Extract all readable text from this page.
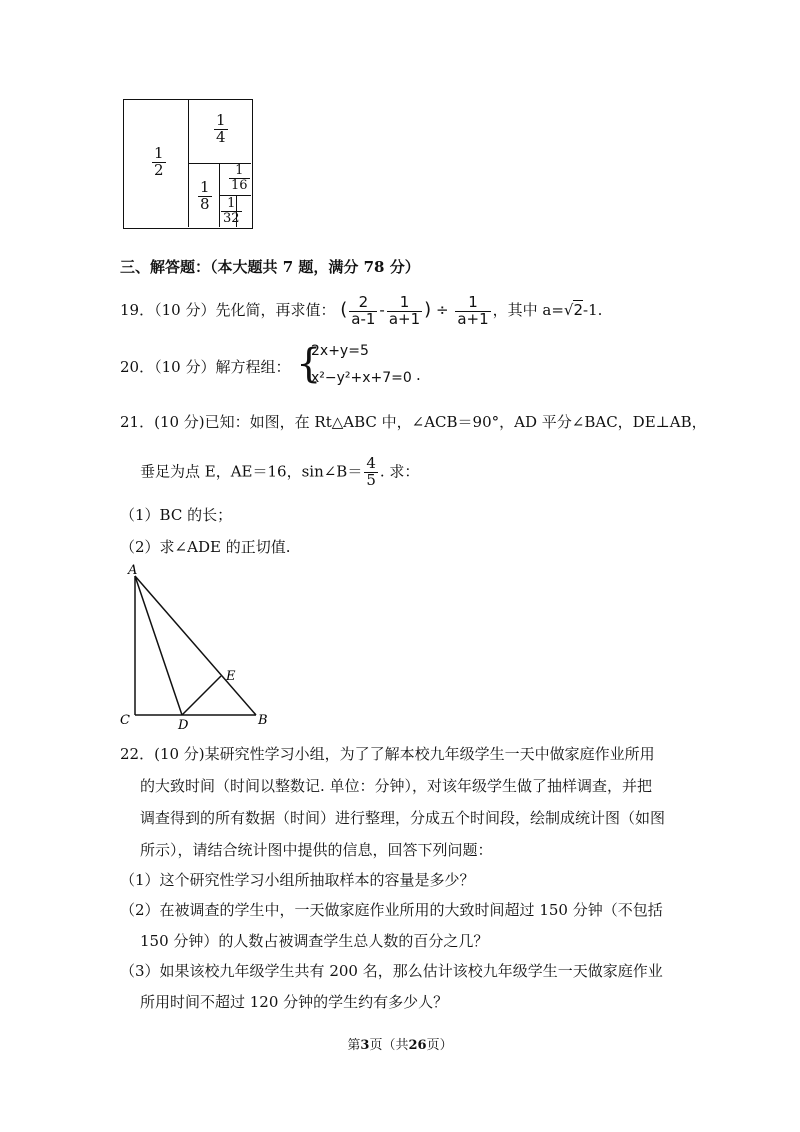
$\frac{1}{2}$
$\frac{1}{4}$
$\frac{1}{8}$
$\frac{1}{16}$
$\frac{1}{32}$
三、解答题：（本大题共 7 题，满分 78 分）
19．（10 分）先化简，再求值： ( $\frac{2}{a-1} - \frac{1}{a+1}$ ) ÷ $\frac{1}{a+1}$ ，其中 a=√2-1.
20．（10 分）解方程组： {
2x+y=5
x²−y²+x+7=0 .
21．(10 分)已知：如图，在 Rt△ABC 中，∠ACB＝90°，AD 平分∠BAC，DE⊥AB，
垂足为点 E，AE＝16，sin∠B＝ $\frac{4}{5}$ . 求：
（1）BC 的长；
（2）求∠ADE 的正切值.
A
B
C	D
E
22．(10 分)某研究性学习小组，为了了解本校九年级学生一天中做家庭作业所用
的大致时间（时间以整数记. 单位：分钟），对该年级学生做了抽样调查，并把
调查得到的所有数据（时间）进行整理，分成五个时间段，绘制成统计图（如图
所示），请结合统计图中提供的信息，回答下列问题：
（1）这个研究性学习小组所抽取样本的容量是多少？
（2）在被调查的学生中，一天做家庭作业所用的大致时间超过 150 分钟（不包括
150 分钟）的人数占被调查学生总人数的百分之几？
（3）如果该校九年级学生共有 200 名，那么估计该校九年级学生一天做家庭作业
所用时间不超过 120 分钟的学生约有多少人？
第3页（共26页）
